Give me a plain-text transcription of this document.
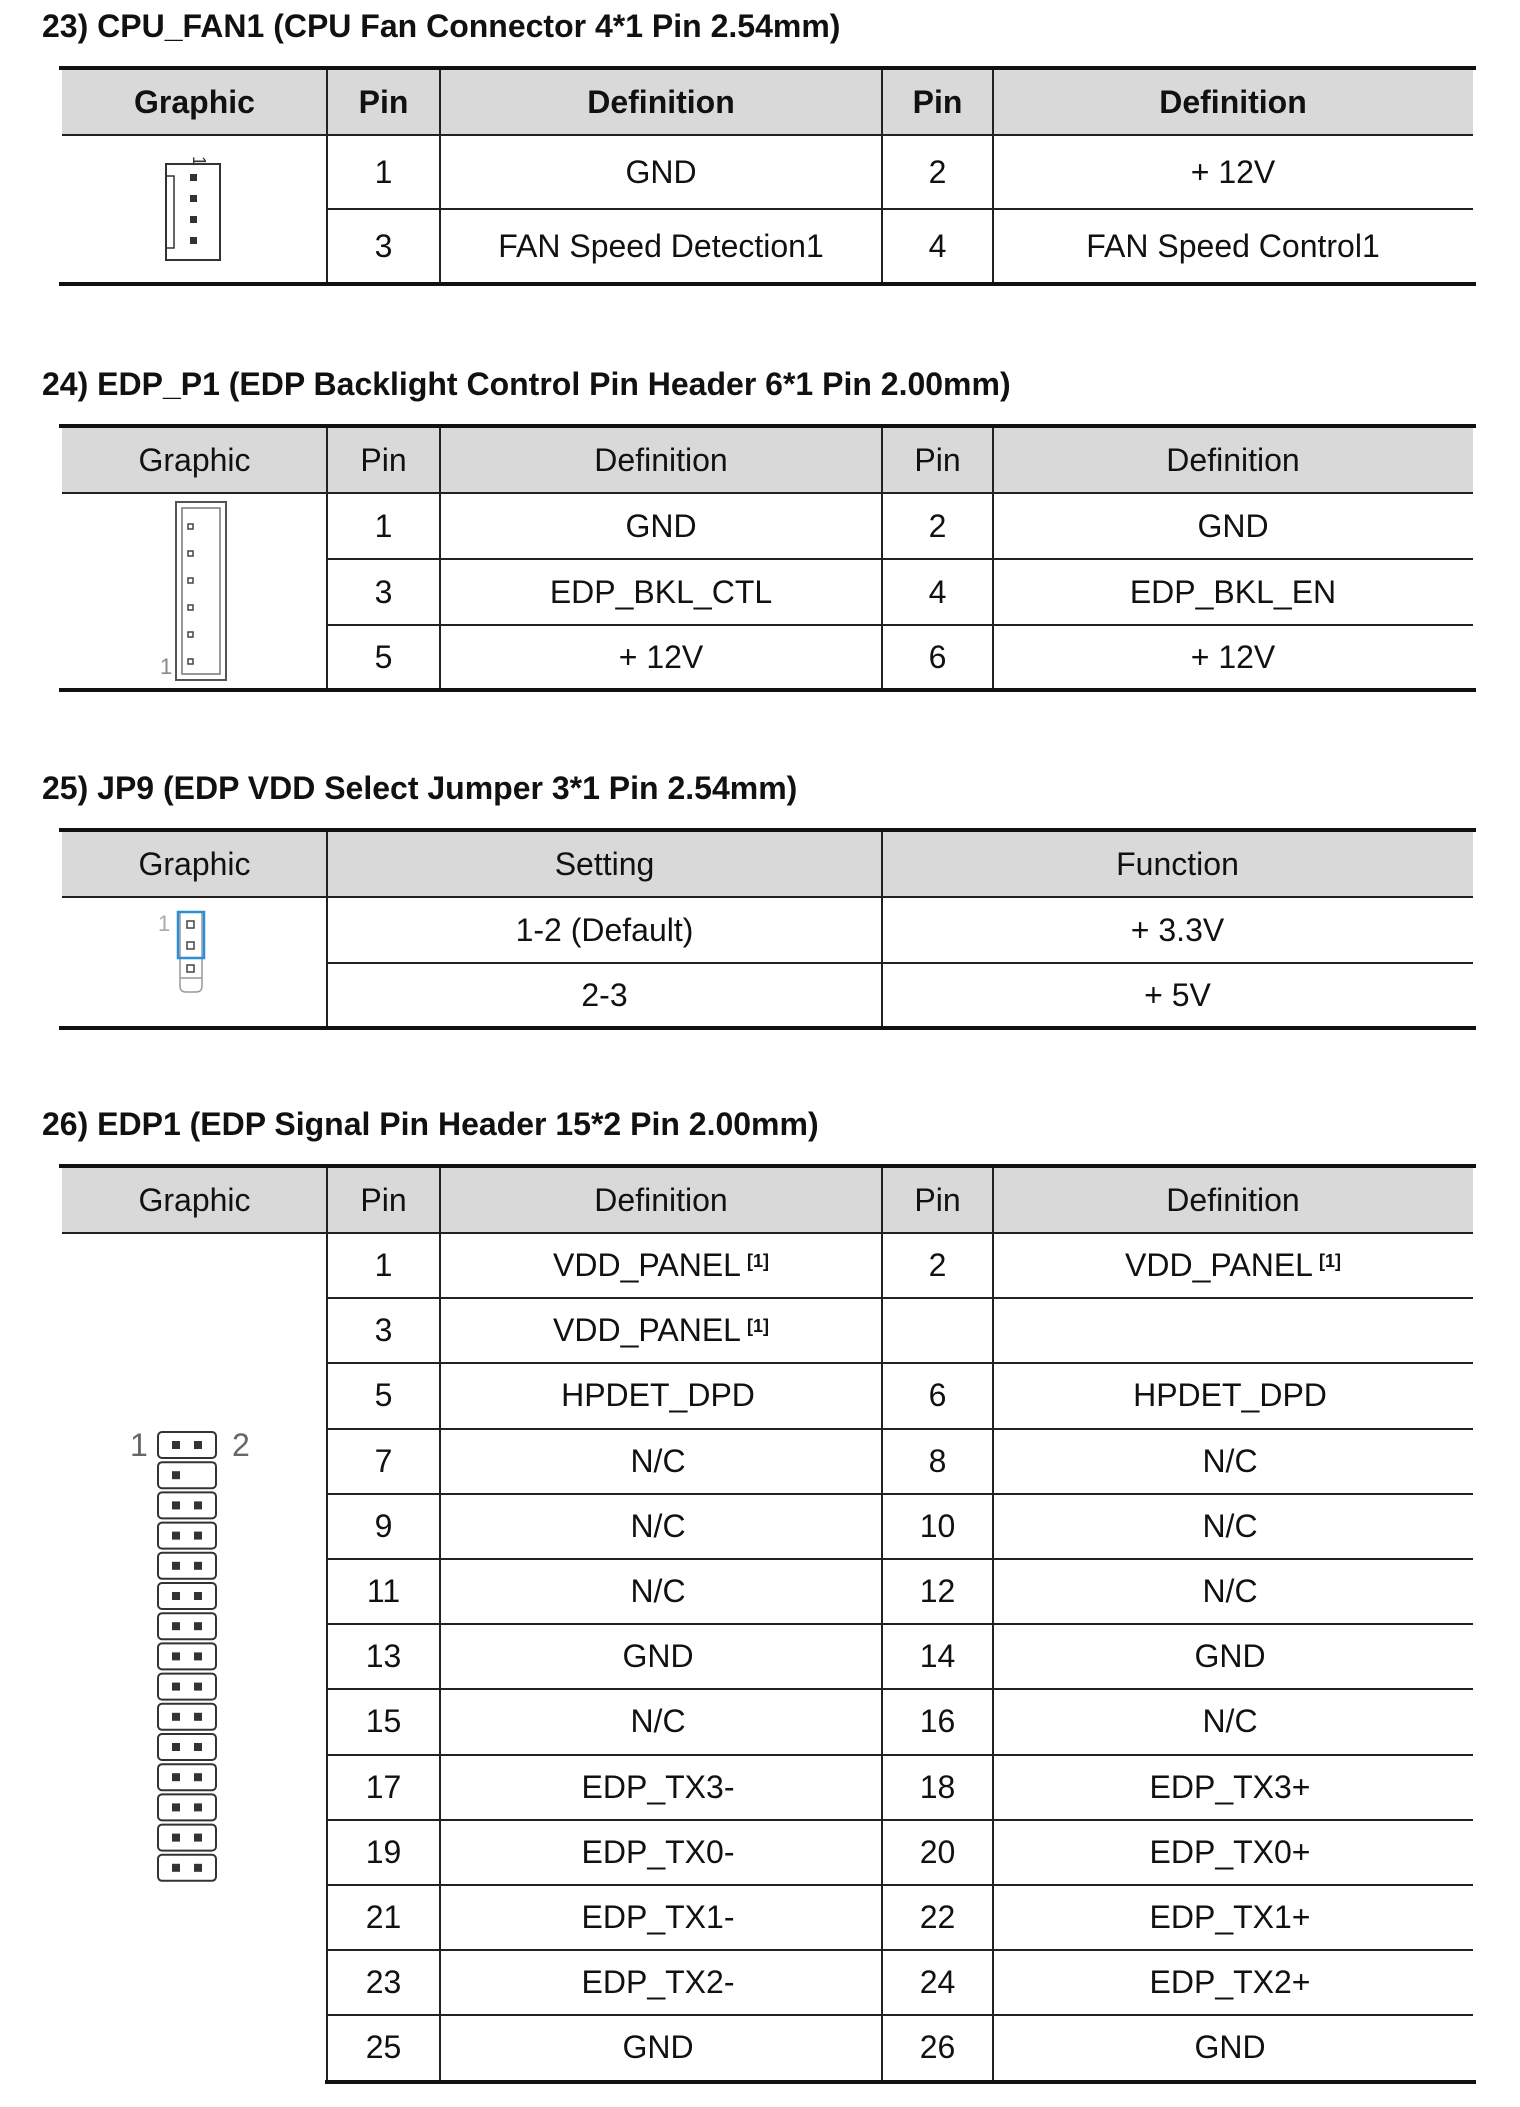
23) CPU_FAN1 (CPU Fan Connector 4*1 Pin 2.54mm)
Graphic	Pin	Definition	Pin	Definition
1	GND	2	+ 12V
3	FAN Speed Detection1	4	FAN Speed Control1
1
24) EDP_P1 (EDP Backlight Control Pin Header 6*1 Pin 2.00mm)
Graphic	Pin	Definition	Pin	Definition
1	GND	2	GND
3	EDP_BKL_CTL	4	EDP_BKL_EN
5	+ 12V	6	+ 12V
1
25) JP9 (EDP VDD Select Jumper 3*1 Pin 2.54mm)
Graphic	Setting	Function
1-2 (Default)	+ 3.3V
2-3	+ 5V
1
26) EDP1 (EDP Signal Pin Header 15*2 Pin 2.00mm)
Graphic	Pin	Definition	Pin	Definition
1	VDD_PANEL [1]	2	VDD_PANEL [1]
3	VDD_PANEL [1]
5	HPDET_DPD	6	HPDET_DPD
7	N/C	8	N/C
9	N/C	10	N/C
11	N/C	12	N/C
13	GND	14	GND
15	N/C	16	N/C
17	EDP_TX3-	18	EDP_TX3+
19	EDP_TX0-	20	EDP_TX0+
21	EDP_TX1-	22	EDP_TX1+
23	EDP_TX2-	24	EDP_TX2+
25	GND	26	GND
1	2
